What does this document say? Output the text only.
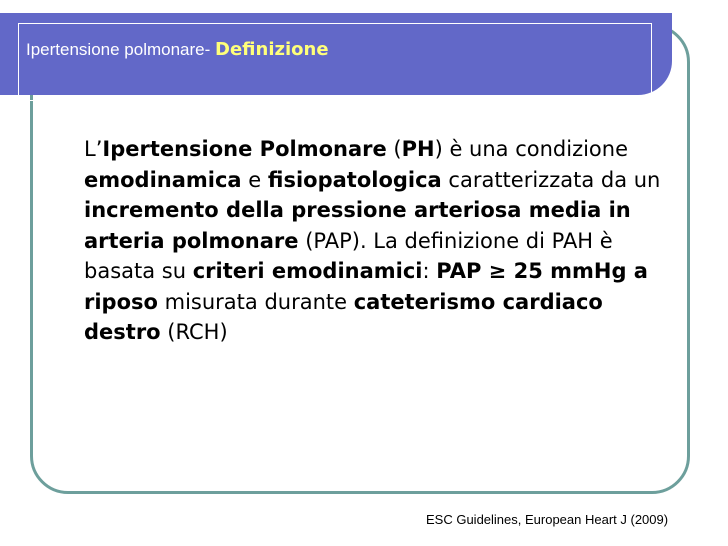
Ipertensione polmonare- Definizione
L’Ipertensione Polmonare (PH) è una condizione emodinamica e fisiopatologica caratterizzata da un incremento della pressione arteriosa media in arteria polmonare (PAP). La definizione di PAH è basata su criteri emodinamici: PAP ≥ 25 mmHg a riposo misurata durante cateterismo cardiaco destro (RCH)
ESC Guidelines, European Heart J (2009)
